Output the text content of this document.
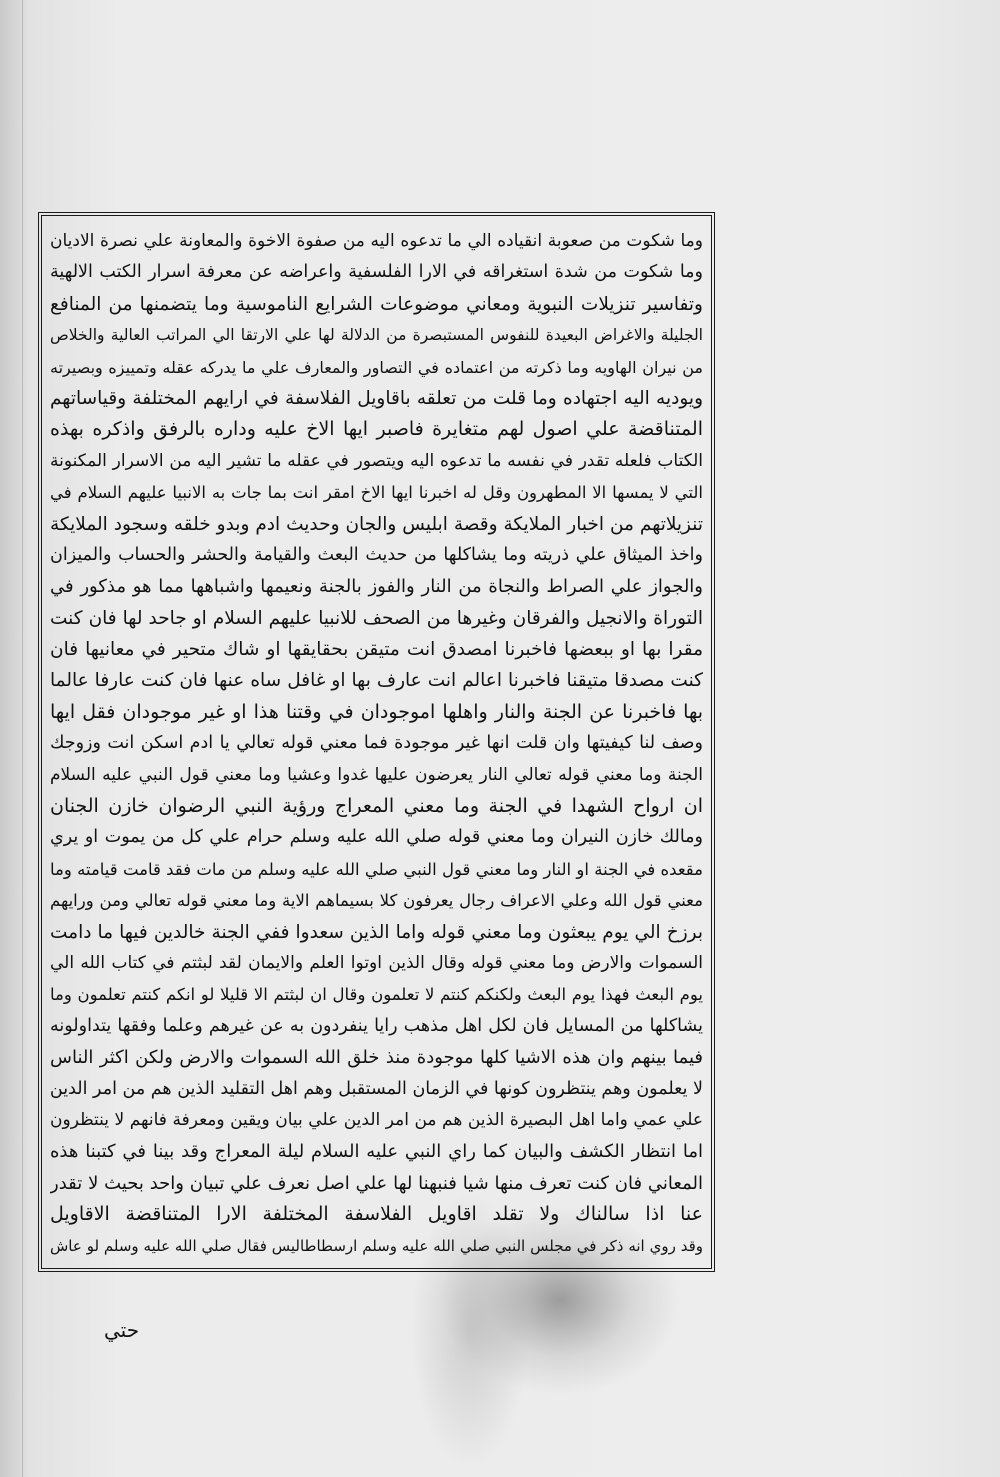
وما شكوت من صعوبة انقياده الي ما تدعوه اليه من صفوة الاخوة والمعاونة علي نصرة الاديان
وما شكوت من شدة استغراقه في الارا الفلسفية واعراضه عن معرفة اسرار الكتب الالهية
وتفاسير تنزيلات النبوية ومعاني موضوعات الشرايع الناموسية وما يتضمنها من المنافع
الجليلة والاغراض البعيدة للنفوس المستبصرة من الدلالة لها علي الارتقا الي المراتب العالية والخلاص
من نيران الهاويه وما ذكرته من اعتماده في التصاور والمعارف علي ما يدركه عقله وتمييزه وبصيرته
ويوديه اليه اجتهاده وما قلت من تعلقه باقاويل الفلاسفة في ارايهم المختلفة وقياساتهم
المتناقضة علي اصول لهم متغايرة فاصبر ايها الاخ عليه وداره بالرفق واذكره بهذه
الكتاب فلعله تقدر في نفسه ما تدعوه اليه ويتصور في عقله ما تشير اليه من الاسرار المكنونة
التي لا يمسها الا المطهرون وقل له اخبرنا ايها الاخ امقر انت بما جات به الانبيا عليهم السلام في
تنزيلاتهم من اخبار الملايكة وقصة ابليس والجان وحديث ادم وبدو خلقه وسجود الملايكة
واخذ الميثاق علي ذريته وما يشاكلها من حديث البعث والقيامة والحشر والحساب والميزان
والجواز علي الصراط والنجاة من النار والفوز بالجنة ونعيمها واشباهها مما هو مذكور في
التوراة والانجيل والفرقان وغيرها من الصحف للانبيا عليهم السلام او جاحد لها فان كنت
مقرا بها او ببعضها فاخبرنا امصدق انت متيقن بحقايقها او شاك متحير في معانيها فان
كنت مصدقا متيقنا فاخبرنا اعالم انت عارف بها او غافل ساه عنها فان كنت عارفا عالما
بها فاخبرنا عن الجنة والنار واهلها اموجودان في وقتنا هذا او غير موجودان فقل ايها
وصف لنا كيفيتها وان قلت انها غير موجودة فما معني قوله تعالي يا ادم اسكن انت وزوجك
الجنة وما معني قوله تعالي النار يعرضون عليها غدوا وعشيا وما معني قول النبي عليه السلام
ان ارواح الشهدا في الجنة وما معني المعراج ورؤية النبي الرضوان خازن الجنان
ومالك خازن النيران وما معني قوله صلي الله عليه وسلم حرام علي كل من يموت او يري
مقعده في الجنة او النار وما معني قول النبي صلي الله عليه وسلم من مات فقد قامت قيامته وما
معني قول الله وعلي الاعراف رجال يعرفون كلا بسيماهم الاية وما معني قوله تعالي ومن ورايهم
برزخ الي يوم يبعثون وما معني قوله واما الذين سعدوا ففي الجنة خالدين فيها ما دامت
السموات والارض وما معني قوله وقال الذين اوتوا العلم والايمان لقد لبثتم في كتاب الله الي
يوم البعث فهذا يوم البعث ولكنكم كنتم لا تعلمون وقال ان لبثتم الا قليلا لو انكم كنتم تعلمون وما
يشاكلها من المسايل فان لكل اهل مذهب رايا ينفردون به عن غيرهم وعلما وفقها يتداولونه
فيما بينهم وان هذه الاشيا كلها موجودة منذ خلق الله السموات والارض ولكن اكثر الناس
لا يعلمون وهم ينتظرون كونها في الزمان المستقبل وهم اهل التقليد الذين هم من امر الدين
علي عمي واما اهل البصيرة الذين هم من امر الدين علي بيان ويقين ومعرفة فانهم لا ينتظرون
اما انتظار الكشف والبيان كما راي النبي عليه السلام ليلة المعراج وقد بينا في كتبنا هذه
المعاني فان كنت تعرف منها شيا فنبهنا لها علي اصل نعرف علي تبيان واحد بحيث لا تقدر
عنا اذا سالناك ولا تقلد اقاويل الفلاسفة المختلفة الارا المتناقضة الاقاويل
وقد روي انه ذكر في مجلس النبي صلي الله عليه وسلم ارسطاطاليس فقال صلي الله عليه وسلم لو عاش
حتي
